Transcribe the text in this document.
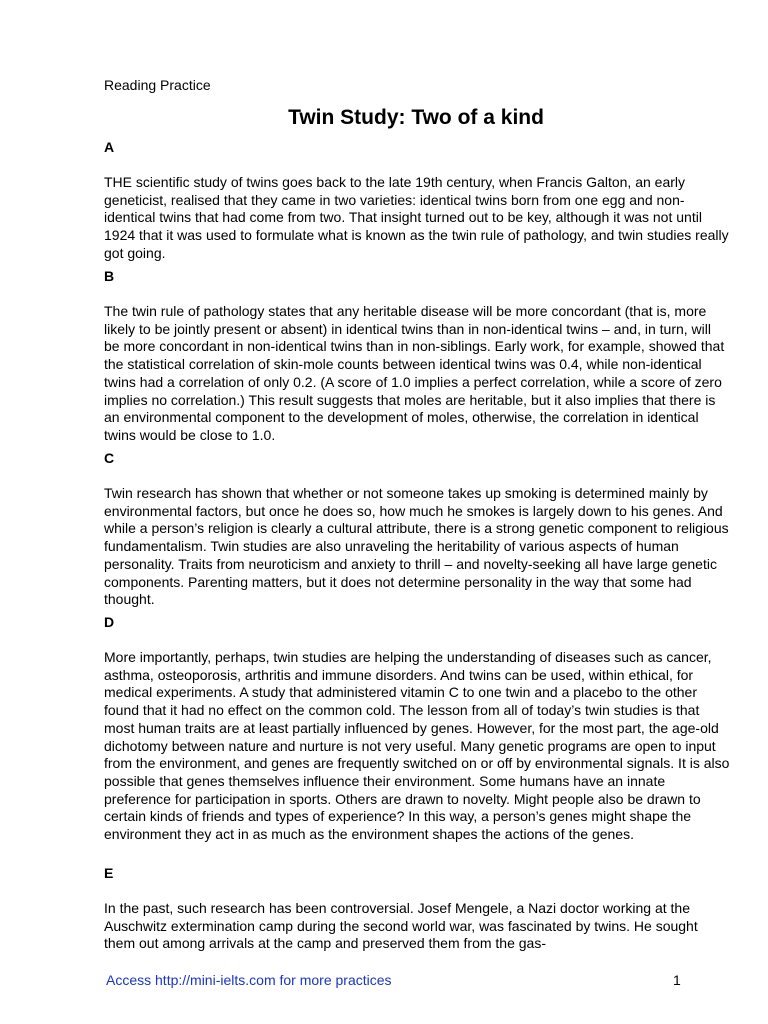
Reading Practice
Twin Study: Two of a kind

A

THE scientific study of twins goes back to the late 19th century, when Francis Galton, an early geneticist, realised that they came in two varieties: identical twins born from one egg and non-identical twins that had come from two. That insight turned out to be key, although it was not until 1924 that it was used to formulate what is known as the twin rule of pathology, and twin studies really got going.

B

The twin rule of pathology states that any heritable disease will be more concordant (that is, more likely to be jointly present or absent) in identical twins than in non-identical twins – and, in turn, will be more concordant in non-identical twins than in non-siblings. Early work, for example, showed that the statistical correlation of skin-mole counts between identical twins was 0.4, while non-identical twins had a correlation of only 0.2. (A score of 1.0 implies a perfect correlation, while a score of zero implies no correlation.) This result suggests that moles are heritable, but it also implies that there is an environmental component to the development of moles, otherwise, the correlation in identical twins would be close to 1.0.

C

Twin research has shown that whether or not someone takes up smoking is determined mainly by environmental factors, but once he does so, how much he smokes is largely down to his genes. And while a person’s religion is clearly a cultural attribute, there is a strong genetic component to religious fundamentalism. Twin studies are also unraveling the heritability of various aspects of human personality. Traits from neuroticism and anxiety to thrill – and novelty-seeking all have large genetic components. Parenting matters, but it does not determine personality in the way that some had thought.

D

More importantly, perhaps, twin studies are helping the understanding of diseases such as cancer, asthma, osteoporosis, arthritis and immune disorders. And twins can be used, within ethical, for medical experiments. A study that administered vitamin C to one twin and a placebo to the other found that it had no effect on the common cold. The lesson from all of today’s twin studies is that most human traits are at least partially influenced by genes. However, for the most part, the age-old dichotomy between nature and nurture is not very useful. Many genetic programs are open to input from the environment, and genes are frequently switched on or off by environmental signals. It is also possible that genes themselves influence their environment. Some humans have an innate preference for participation in sports. Others are drawn to novelty. Might people also be drawn to certain kinds of friends and types of experience? In this way, a person’s genes might shape the environment they act in as much as the environment shapes the actions of the genes.

E

In the past, such research has been controversial. Josef Mengele, a Nazi doctor working at the Auschwitz extermination camp during the second world war, was fascinated by twins. He sought them out among arrivals at the camp and preserved them from the gas-

Access http://mini-ielts.com for more practices	1
